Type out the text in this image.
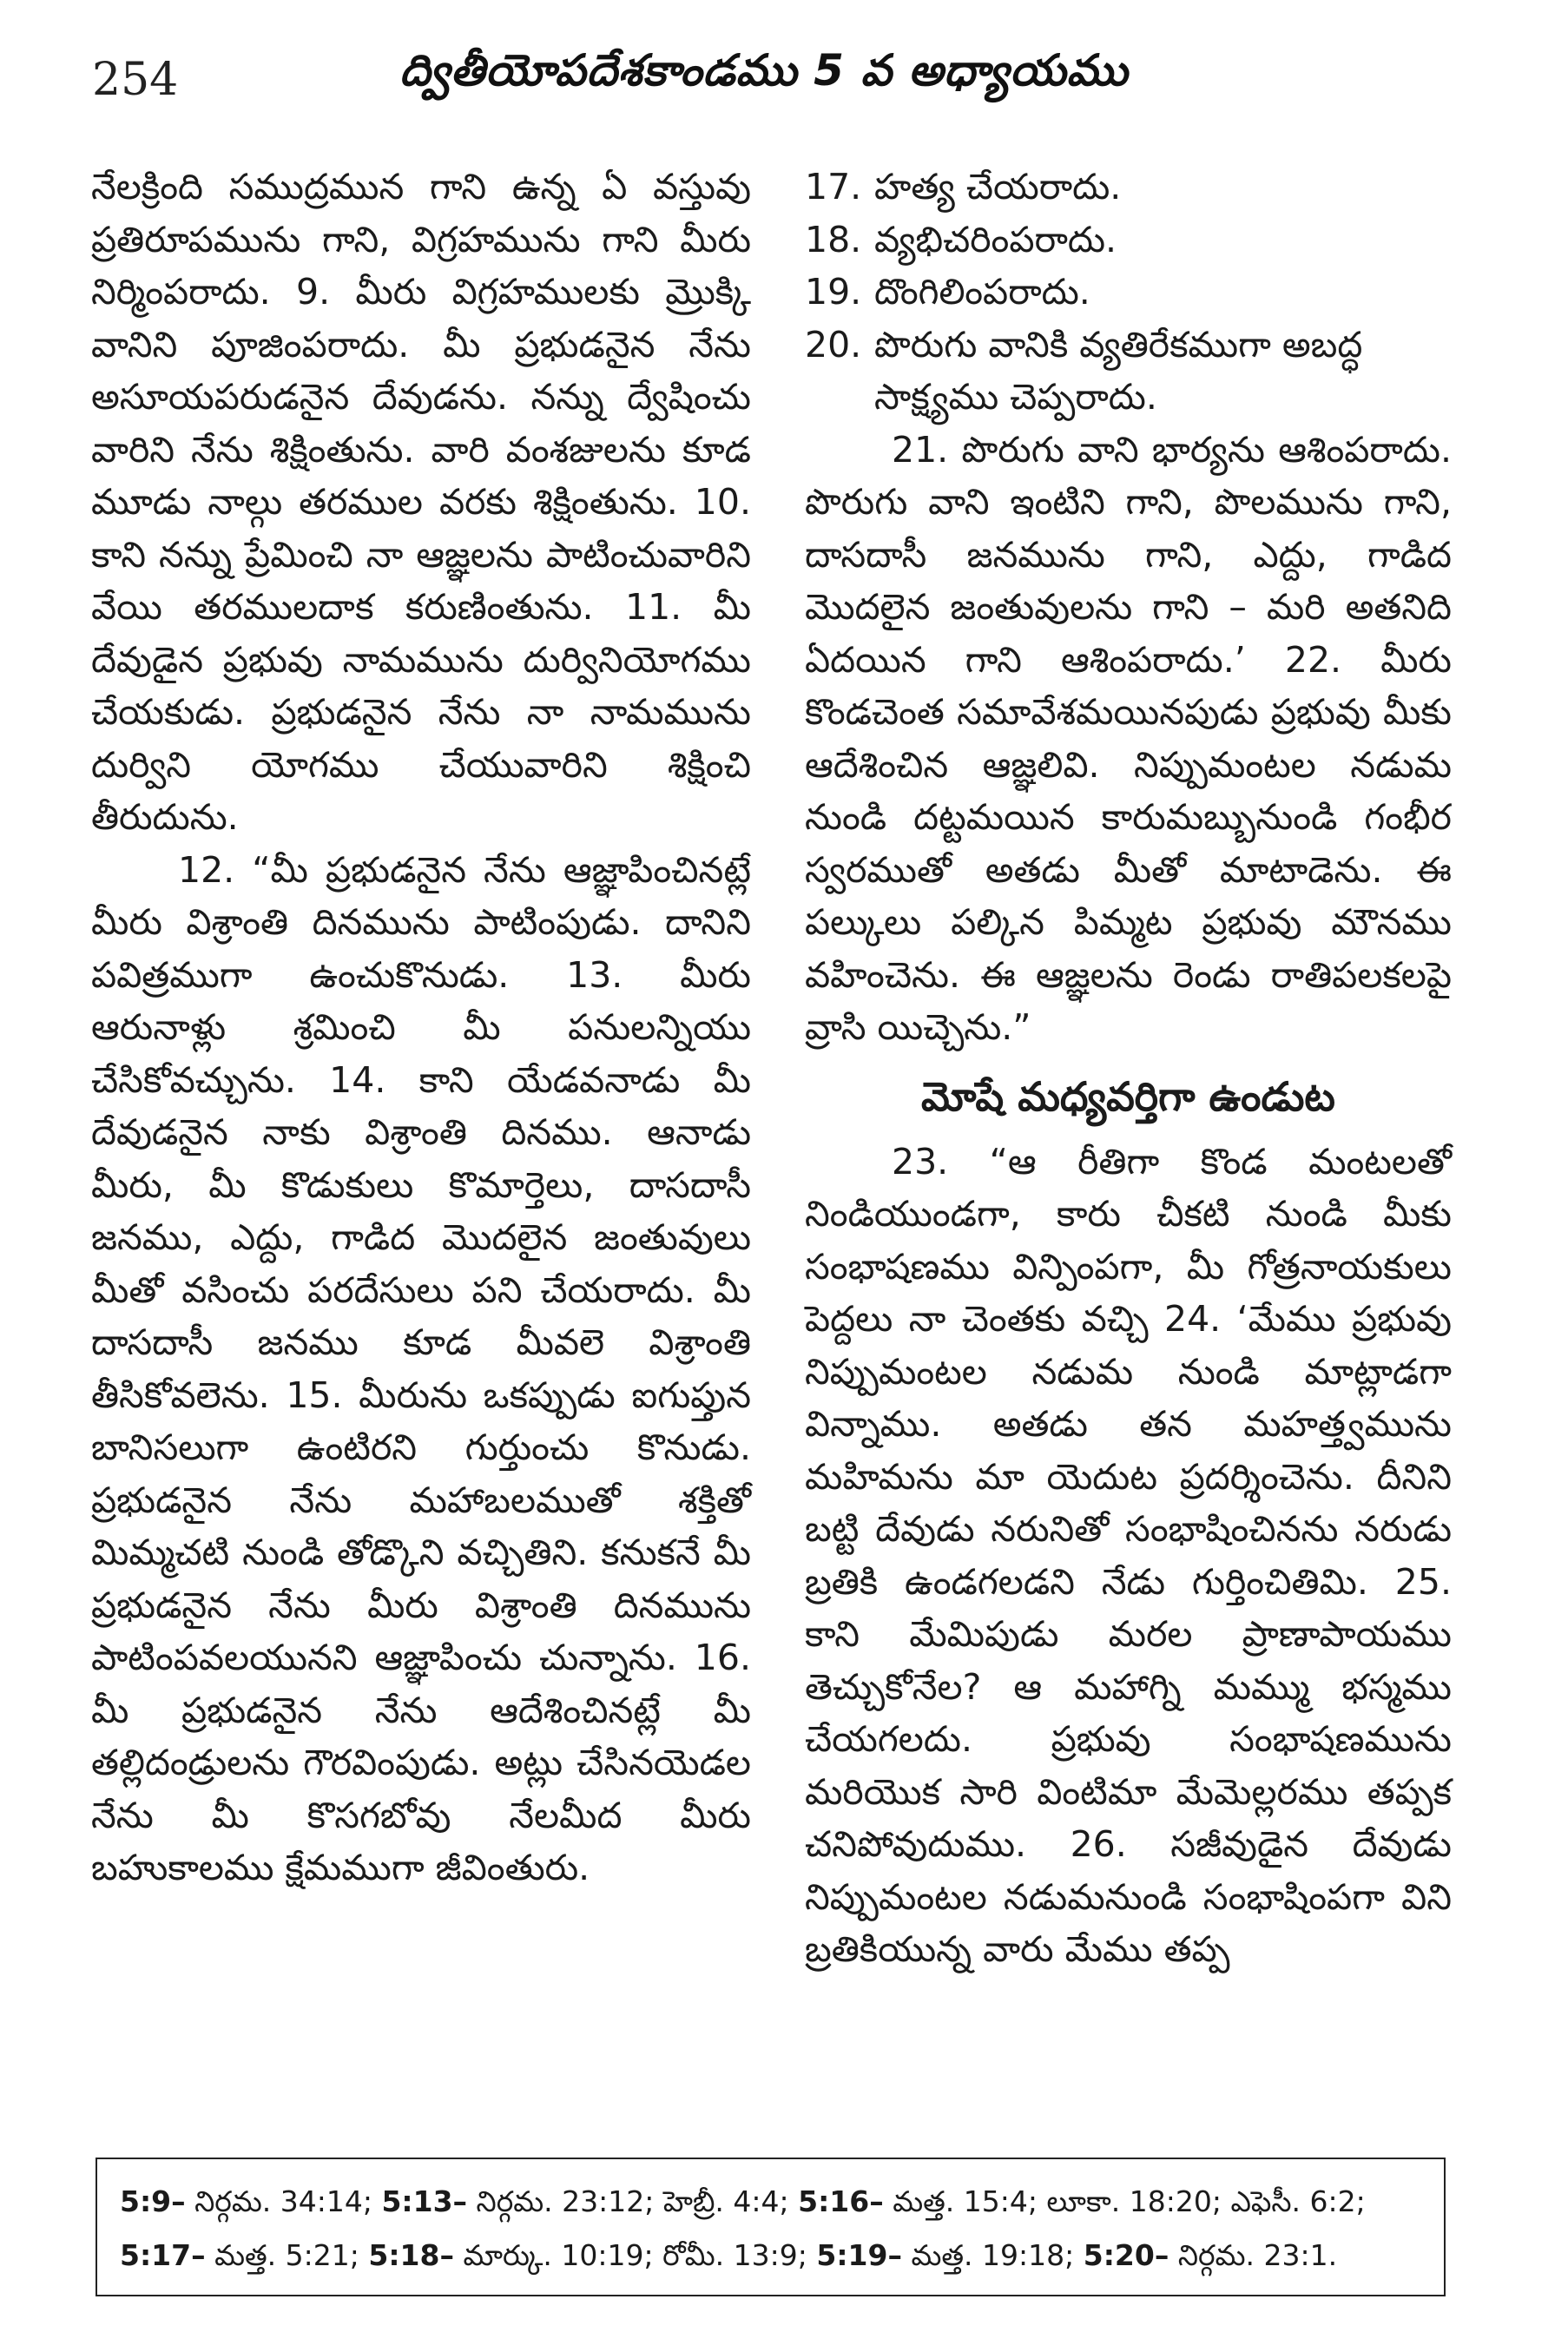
254	ద్వితీయోపదేశకాండము 5 వ అధ్యాయము

నేలక్రింది సముద్రమున గాని ఉన్న ఏ వస్తువు ప్రతిరూపమును గాని, విగ్రహమును గాని మీరు నిర్మింపరాదు. 9. మీరు విగ్రహములకు మ్రొక్కి వానిని పూజింపరాదు. మీ ప్రభుడనైన నేను అసూయపరుడనైన దేవుడను. నన్ను ద్వేషించు వారిని నేను శిక్షింతును. వారి వంశజులను కూడ మూడు నాల్గు తరముల వరకు శిక్షింతును. 10. కాని నన్ను ప్రేమించి నా ఆజ్ఞలను పాటించువారిని వేయి తరములదాక కరుణింతును. 11. మీ దేవుడైన ప్రభువు నామమును దుర్వినియోగము చేయకుడు. ప్రభుడనైన నేను నా నామమును దుర్విని యోగము చేయువారిని శిక్షించి తీరుదును.

12. “మీ ప్రభుడనైన నేను ఆజ్ఞాపించినట్లే మీరు విశ్రాంతి దినమును పాటింపుడు. దానిని పవిత్రముగా ఉంచుకొనుడు. 13. మీరు ఆరునాళ్లు శ్రమించి మీ పనులన్నియు చేసికోవచ్చును. 14. కాని యేడవనాడు మీ దేవుడనైన నాకు విశ్రాంతి దినము. ఆనాడు మీరు, మీ కొడుకులు కొమార్తెలు, దాసదాసీ జనము, ఎద్దు, గాడిద మొదలైన జంతువులు మీతో వసించు పరదేసులు పని చేయరాదు. మీ దాసదాసీ జనము కూడ మీవలె విశ్రాంతి తీసికోవలెను. 15. మీరును ఒకప్పుడు ఐగుప్తున బానిసలుగా ఉంటిరని గుర్తుంచు కొనుడు. ప్రభుడనైన నేను మహాబలముతో శక్తితో మిమ్మచటి నుండి తోడ్కొని వచ్చితిని. కనుకనే మీ ప్రభుడనైన నేను మీరు విశ్రాంతి దినమును పాటింపవలయునని ఆజ్ఞాపించు చున్నాను. 16. మీ ప్రభుడనైన నేను ఆదేశించినట్లే మీ తల్లిదండ్రులను గౌరవింపుడు. అట్లు చేసినయెడల నేను మీ కొసగబోవు నేలమీద మీరు బహుకాలము క్షేమముగా జీవింతురు.

17. హత్య చేయరాదు.
18. వ్యభిచరింపరాదు.
19. దొంగిలింపరాదు.
20. పొరుగు వానికి వ్యతిరేకముగా అబద్ధ సాక్ష్యము చెప్పరాదు.

21. పొరుగు వాని భార్యను ఆశింపరాదు. పొరుగు వాని ఇంటిని గాని, పొలమును గాని, దాసదాసీ జనమును గాని, ఎద్దు, గాడిద మొదలైన జంతువులను గాని – మరి అతనిది ఏదయిన గాని ఆశింపరాదు.’ 22. మీరు కొండచెంత సమావేశమయినపుడు ప్రభువు మీకు ఆదేశించిన ఆజ్ఞలివి. నిప్పుమంటల నడుమ నుండి దట్టమయిన కారుమబ్బునుండి గంభీర స్వరముతో అతడు మీతో మాటాడెను. ఈ పల్కులు పల్కిన పిమ్మట ప్రభువు మౌనము వహించెను. ఈ ఆజ్ఞలను రెండు రాతిపలకలపై వ్రాసి యిచ్చెను.”

మోషే మధ్యవర్తిగా ఉండుట

23. “ఆ రీతిగా కొండ మంటలతో నిండియుండగా, కారు చీకటి నుండి మీకు సంభాషణము విన్పింపగా, మీ గోత్రనాయకులు పెద్దలు నా చెంతకు వచ్చి 24. ‘మేము ప్రభువు నిప్పుమంటల నడుమ నుండి మాట్లాడగా విన్నాము. అతడు తన మహత్త్వమును మహిమను మా యెదుట ప్రదర్శించెను. దీనిని బట్టి దేవుడు నరునితో సంభాషించినను నరుడు బ్రతికి ఉండగలడని నేడు గుర్తించితిమి. 25. కాని మేమిపుడు మరల ప్రాణాపాయము తెచ్చుకోనేల? ఆ మహాగ్ని మమ్ము భస్మము చేయగలదు. ప్రభువు సంభాషణమును మరియొక సారి వింటిమా మేమెల్లరము తప్పక చనిపోవుదుము. 26. సజీవుడైన దేవుడు నిప్పుమంటల నడుమనుండి సంభాషింపగా విని బ్రతికియున్న వారు మేము తప్ప

5:9– నిర్గమ. 34:14; 5:13– నిర్గమ. 23:12; హెబ్రీ. 4:4; 5:16– మత్త. 15:4; లూకా. 18:20; ఎఫెసీ. 6:2;
5:17– మత్త. 5:21; 5:18– మార్కు. 10:19; రోమీ. 13:9; 5:19– మత్త. 19:18; 5:20– నిర్గమ. 23:1.
